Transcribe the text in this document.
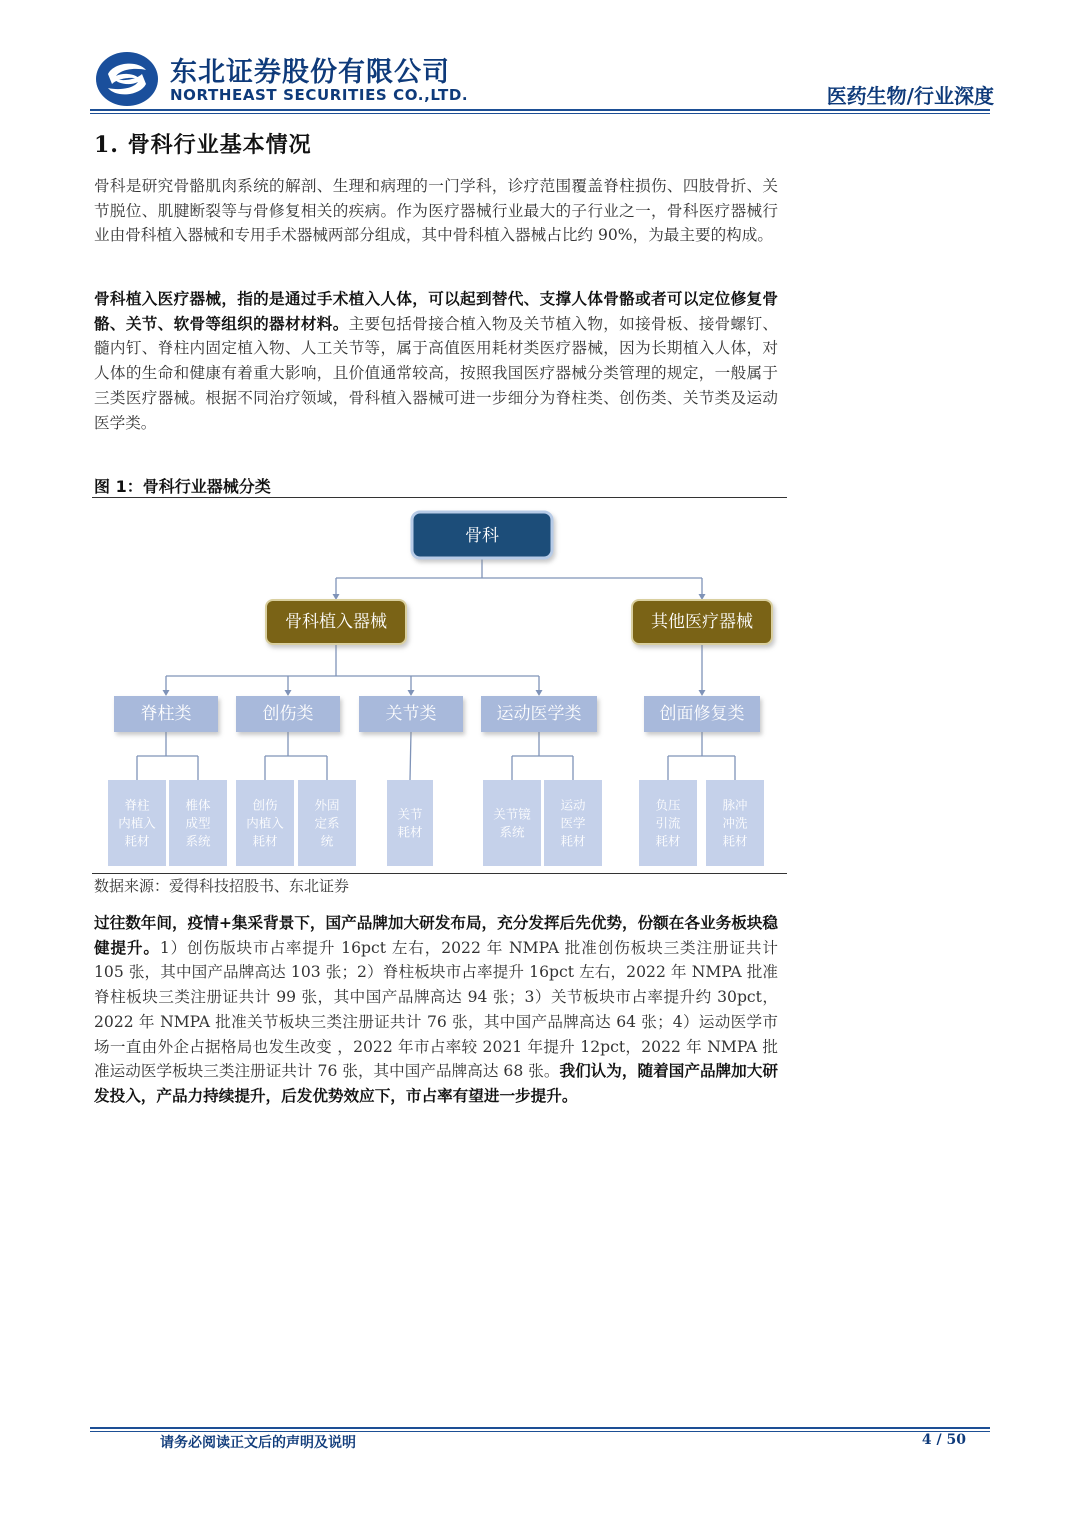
东北证券股份有限公司
NORTHEAST SECURITIES CO.,LTD.	医药生物/行业深度
1. 骨科行业基本情况

骨科是研究骨骼肌肉系统的解剖、生理和病理的一门学科，诊疗范围覆盖脊柱损伤、四肢骨折、关节脱位、肌腱断裂等与骨修复相关的疾病。作为医疗器械行业最大的子行业之一，骨科医疗器械行业由骨科植入器械和专用手术器械两部分组成，其中骨科植入器械占比约 90%，为最主要的构成。

骨科植入医疗器械，指的是通过手术植入人体，可以起到替代、支撑人体骨骼或者可以定位修复骨骼、关节、软骨等组织的器材材料。主要包括骨接合植入物及关节植入物，如接骨板、接骨螺钉、髓内钉、脊柱内固定植入物、人工关节等，属于高值医用耗材类医疗器械，因为长期植入人体，对人体的生命和健康有着重大影响，且价值通常较高，按照我国医疗器械分类管理的规定，一般属于三类医疗器械。根据不同治疗领域，骨科植入器械可进一步细分为脊柱类、创伤类、关节类及运动医学类。

图 1：骨科行业器械分类
骨科
骨科植入器械	其他医疗器械
脊柱类	创伤类	关节类	运动医学类	创面修复类
脊柱
内植入
耗材
椎体
成型
系统
创伤
内植入
耗材
外固
定系
统
关节
耗材
关节镜
系统
运动
医学
耗材
负压
引流
耗材
脉冲
冲洗
耗材
数据来源：爱得科技招股书、东北证券

过往数年间，疫情+集采背景下，国产品牌加大研发布局，充分发挥后先优势，份额在各业务板块稳健提升。1）创伤版块市占率提升 16pct 左右，2022 年 NMPA 批准创伤板块三类注册证共计 105 张，其中国产品牌高达 103 张；2）脊柱板块市占率提升 16pct 左右，2022 年 NMPA 批准脊柱板块三类注册证共计 99 张，其中国产品牌高达 94 张；3）关节板块市占率提升约 30pct，2022 年 NMPA 批准关节板块三类注册证共计 76 张，其中国产品牌高达 64 张；4）运动医学市场一直由外企占据格局也发生改变 ，2022 年市占率较 2021 年提升 12pct，2022 年 NMPA 批准运动医学板块三类注册证共计 76 张，其中国产品牌高达 68 张。我们认为，随着国产品牌加大研发投入，产品力持续提升，后发优势效应下，市占率有望进一步提升。

请务必阅读正文后的声明及说明	4 / 50
